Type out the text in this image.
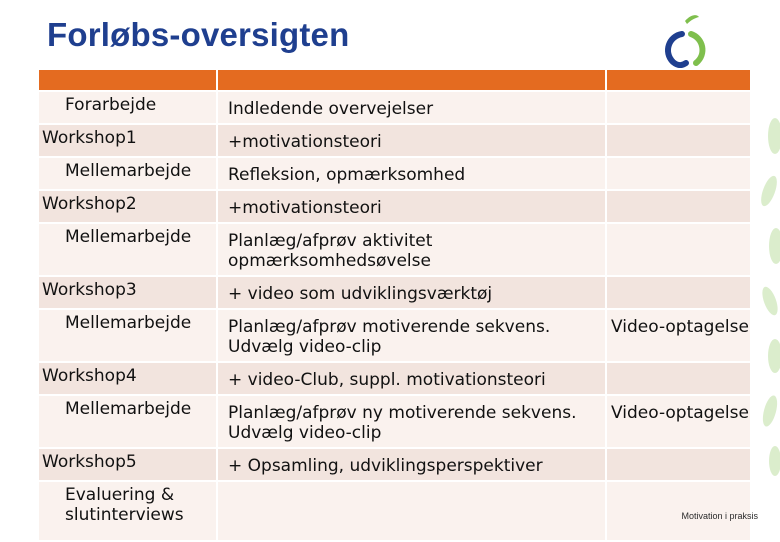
Forløbs-oversigten

Forarbejde	Indledende overvejelser	

Workshop1	+motivationsteori	

Mellemarbejde	Refleksion, opmærksomhed	

Workshop2	+motivationsteori	

Mellemarbejde	Planlæg/afprøv aktivitet opmærksomhedsøvelse	

Workshop3	+ video som udviklingsværktøj	

Mellemarbejde	Planlæg/afprøv motiverende sekvens. Udvælg video-clip	Video-optagelse

Workshop4	+ video-Club, suppl. motivationsteori	

Mellemarbejde	Planlæg/afprøv ny motiverende sekvens. Udvælg video-clip	Video-optagelse

Workshop5	+ Opsamling, udviklingsperspektiver	

Evaluering & slutinterviews		

		Motivation i praksis
